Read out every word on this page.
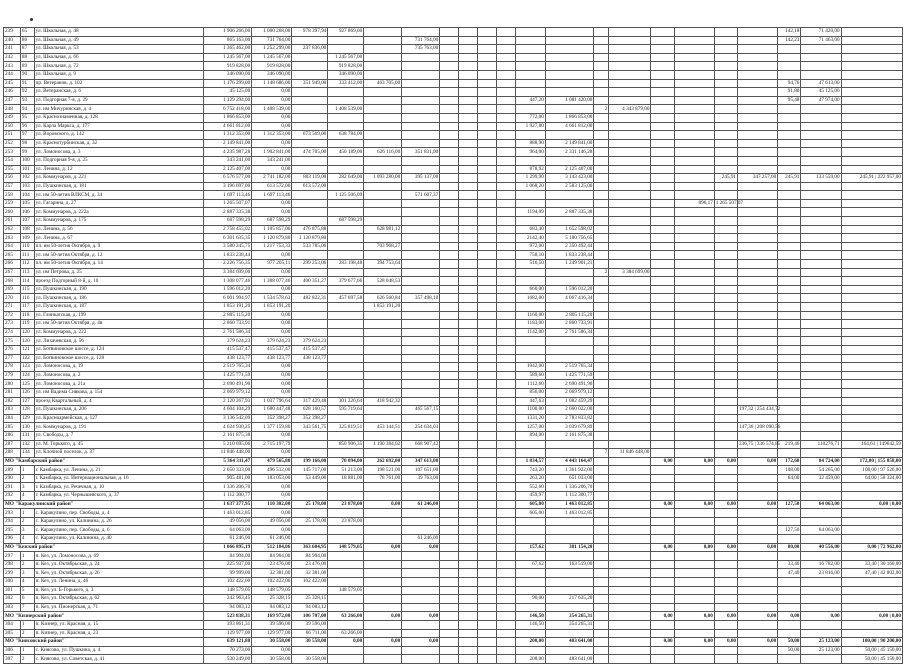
239	65	ул. Школьная, д. 48	1 906 266,00	1 000 268,00	978 397,94	927 869,00															142,18	71 420,00	
240	86	ул. Школьная, д. 49	865 163,00	731 764,00				731 764,00													142,23	71 463,00	
241	87	ул. Школьная, д. 53	1 365 462,00	1 252 299,00	237 836,00			735 763,00															
242	88	ул. Школьная, д. 66	1 245 567,00	1 245 567,00		1 245 567,00																	
243	89	ул. Школьная, д. 72	919 828,00	919 828,00		919 828,00																	
244	90	ул. Школьная, д. 9	346 090,00	346 090,00		346 090,00																	
245	91	пр. Ветеранов, д. 102	1 176 299,00	1 148 686,00	351 949,00	333 412,00	463 705,00														94,76	47 613,00	
246	92	ул. Ветеранская, д. 6	45 125,00	0,00																	91,80	45 125,00	
247	93	ул. Подгорная 7-я, д. 29	1 129 294,00	0,00									447,20	1 081 420,00							95,48	47 974,00	
248	94	ул. им Мичуринская, д. 4	6 752 418,00	1 408 539,00		1 408 539,00									2	4 343 879,00							
249	95	ул. Краснознаменная, д. 128	1 866 853,00	0,00									772,00	1 866 853,00									
250	96	ул. Карла Маркса, д. 177	4 661 812,00	0,00									1 927,80	4 661 812,00									
251	97	ул. Воровского, д. 142	1 312 353,00	1 312 353,00	673 569,00	638 784,00																	
252	98	ул. Краснотурбинская, д. 32	2 149 841,00	0,00									888,90	2 149 841,00									
253	99	ул. Ломоносова, д. 3	4 235 987,28	1 902 841,00	474 705,00	450 189,00	626 116,00	351 831,00					964,00	2 331 146,28									
254	100	ул. Подгорная 9-я, д. 25	343 241,00	343 241,00																			
255	101	ул. Ленина, д. 12	2 125 407,00	0,00									878,92	2 125 407,00									
256	102	ул. Коммунаров, д. 221	6 576 577,00	2 741 182,00	803 119,00	282 649,00	1 093 280,00	395 137,00					1 299,90	3 143 423,00					245,91	347 257,00	245,91	133 559,00	245,91 | 222 957,00
257	103	ул. Пушкинская, д. 181	3 196 697,00	613 572,00	613 572,00								1 068,20	2 583 125,00									
258	104	ул. им 50-летия ВЛКСМ, д. 34	1 697 113,46	1 697 113,46		1 125 506,09		571 607,37															
259	105	ул. Гагарина, д. 27	1 265 507,07	0,00														896,17	1 265 507,07				
260	106	ул. Коммунаров, д. 222а	2 887 335,38	0,00									1194,09	2 887 335,38									
261	107	ул. Коммунаров, д. 175	687 598,29	687 598,29		687 598,29																	
262	108	ул. Ленина, д. 56	2 758 455,02	1 105 857,00	476 875,88		628 981,12						683,40	1 652 598,02									
263	109	ул. Ленина, д. 67	6 301 635,35	1 120 879,80	1 120 879,80								2142,40	5 180 756,65									
264	110	пл. им 50-летия Октября, д. 9	3 580 245,75	1 217 753,33	533 785,06		703 968,27						972,00	2 350 492,44									
265	111	ул. им 50-летия Октября, д. 12	1 833 238,44	0,00									758,10	1 833 238,44									
266	112	пл. им 50-летия Октября, д. 14	2 226 756,35	977 205,11	299 253,06	283 198,48	394 753,64						516,50	1 249 901,21									
267	113	ул. им Петрова, д. 25	3 384 699,00	0,00											2	3 384 699,00							
268	114	проезд Подгорный 8-й, д. 10	1 308 077,46	1 308 077,46	400 351,27	379 677,66	528 048,53																
269	115	ул. Пушкинская, д. 190	1 596 012,20	0,00									660,00	1 596 012,20									
270	116	ул. Пушкинская, д. 186	6 001 994,97	1 534 578,63	482 822,31	457 697,58	626 560,84	357 498,10					1682,00	4 067 416,34									
271	117	ул. Пушкинская, д. 187	1 853 191,20	1 853 191,20			1 853 191,20																
272	118	ул. Глинкатская, д. 199	2 805 115,20	0,00									1160,00	2 805 115,20									
273	119	ул. им 50-летия Октября, д. 4в	2 860 733,91	0,00									1183,00	2 860 733,91									
274	120	ул. Коммунаров, д. 222	2 761 586,34	0,00									1142,00	2 761 586,34									
275	120	ул. Лихачевская, д. 56	379 624,23	379 624,23	379 624,23																		
276	121	ул. Ботвиновское шоссе, д. 124	415 537,47	415 537,47	415 537,47																		
277	122	ул. Ботвиновское шоссе, д. 128	438 123,77	438 123,77	438 123,77																		
278	123	ул. Ломоносова, д. 19	2 519 765,34	0,00									1042,00	2 519 765,34									
279	124	ул. Ломоносова, д. 2	1 425 771,59	0,00									589,60	1 425 771,59									
280	125	ул. Ломоносова, д. 21а	2 690 491,90	0,00									1112,60	2 690 491,90									
281	126	ул. им Вадима Сивкова, д. 154	2 069 979,12	0,00									856,00	2 069 979,12									
282	127	проезд Квартальный, д. 4	2 120 267,93	1 037 796,64	317 429,48	301 226,64	418 942,32						447,63	1 082 459,29									
283	128	ул. Пушкинская, д. 206	4 604 104,29	1 680 447,48	628 160,57	595 719,64		465 567,15					1100,00	2 660 022,00						197,32 | 254 434,72			
284	129	ул. Красноармейская, д. 127	3 136 542,09	352 398,27	352 398,27								1331,20	2 783 833,82									
285	130	ул. Коммунаров, д. 191	4 624 930,25	1 377 159,80	343 561,75	325 819,51	453 144,51	254 634,03					1257,00	3 039 679,89						147,36 | 208 090,56			
286	131	ул. Свободы, д. 7	2 161 875,38	0,00									894,00	2 161 875,38									
287	132	ул. М. Горького, д. 45	5 210 695,06	2 715 197,79		850 906,35	1 190 384,02	668 907,42												236,75 | 336 574,85	219,46	110276,71	164,61 | 149642,59
288	134	ул. Клочной поселок, д. 37	11 846 448,00	0,00											7	11 846 448,00							
МО "Камбарский район"			5 364 311,47	479 565,80	199 166,00	70 094,00	262 692,00	347 613,00					1 834,57	4 443 164,47			0,00	0,00	0,00	0,00	172,60	84 724,00	172,00 | 155 858,00
289	1	г. Камбарка, ул. Ленина, д. 21	2 050 333,00	496 512,00	145 717,00	51 213,00	198 521,00	107 651,00					743,20	1 361 922,00							108,00	54 265,00	108,00 | 97 526,00
290	2	г. Камбарка, ул. Интернациональная, д. 16	905 481,00	183 053,00	53 449,00	18 881,00	78 761,00	39 763,00					263,20	651 033,00							64,00	32 459,00	64,00 | 58 324,00
291	3	г. Камбарка, ул. Речечная, д. 10	1 336 206,70	0,00									552,60	1 336 206,70									
292	4	г. Камбарка, ул. Чернышевского, д. 37	1 112 300,77	0,00									459,97	1 112 300,77									
МО "Каракулинский район"			1 637 377,95	110 302,00	25 178,00	23 878,00	0,00	61 246,00					605,00	1 463 012,85			0,00	0,00	0,00	0,00	127,50	64 063,00	0,00 | 0,00
293	1	с. Каракулино, пер. Свободы, д. 4	1 463 012,85	0,00									605,00	1 463 012,85									
294	2	с. Каракулино, ул. Калинина, д. 26	49 056,00	49 056,00	25 178,00	23 878,00																	
295	3	с. Каракулино, пер. Свободы, д. 6	64 063,00	0,00																	127,50	64 063,00	
296	4	с. Каракулино, ул. Калинина, д. 40	61 246,00	61 246,00				61 246,00															
МО "Кезский район"			1 066 895,19	512 184,06	363 604,95	148 579,05	0,00	0,00					157,62	381 154,20			0,00	0,00	0,00	0,00	80,00	40 556,00	0,00 | 72 962,00
297	1	п. Кез, ул. Ломоносова, д. 69	84 904,00	84 904,00	84 904,00																		
298	2	п. Кез, ул. Октябрьская, д. 24	225 937,00	23 476,00	23 476,00								67,62	163 519,00							33,40	16 782,00	33,40 | 30 160,00
299	3	п. Кез, ул. Октябрьская, д. 26	99 999,00	32 381,00	32 381,00																47,40	23 816,00	47,40 | 42 802,00
300	4	п. Кез, ул. Ленина, д. 46	102 422,00	102 422,00	102 422,00																		
301	5	п. Кез, ул. Б-Горького, д. 3	148 579,05	148 579,05		148 579,05																	
302	6	п. Кез, ул. Октябрьская, д. 62	242 963,45	25 328,15	25 328,15								90,00	217 635,20									
303	7	п. Кез, ул. Пионерская, д. 71	94 083,12	94 083,12	94 083,12																		
МО "Кизнерский район"			523 838,31	169 972,00	106 707,00	63 266,00	0,00	0,00					146,50	354 265,31			0,00	0,00	0,00	0,00	0,00	0,00	0,00 | 0,00
304	1	п. Кизнер, ул. Красная, д. 15	393 861,31	39 596,00	39 596,00								146,50	354 265,31									
305	2	п. Кизнер, ул. Красная, д. 23	129 977,00	129 977,00	66 711,00	63 266,00																	
МО "Киясовский район"			639 121,80	30 558,00	30 558,00	0,00	0,00	0,00					208,00	483 641,00			0,00	0,00	0,00	0,00	50,00	25 123,00	100,00 | 90 200,00
306	1	с. Киясово, ул. Пушкина, д. 4	70 273,00	0,00																	50,00	25 123,00	50,00 | 45 150,00
307	2	с. Киясово, ул. Советская, д. 41	530 249,00	30 558,00	30 558,00								208,00	483 641,00									50,00 | 45 150,00
